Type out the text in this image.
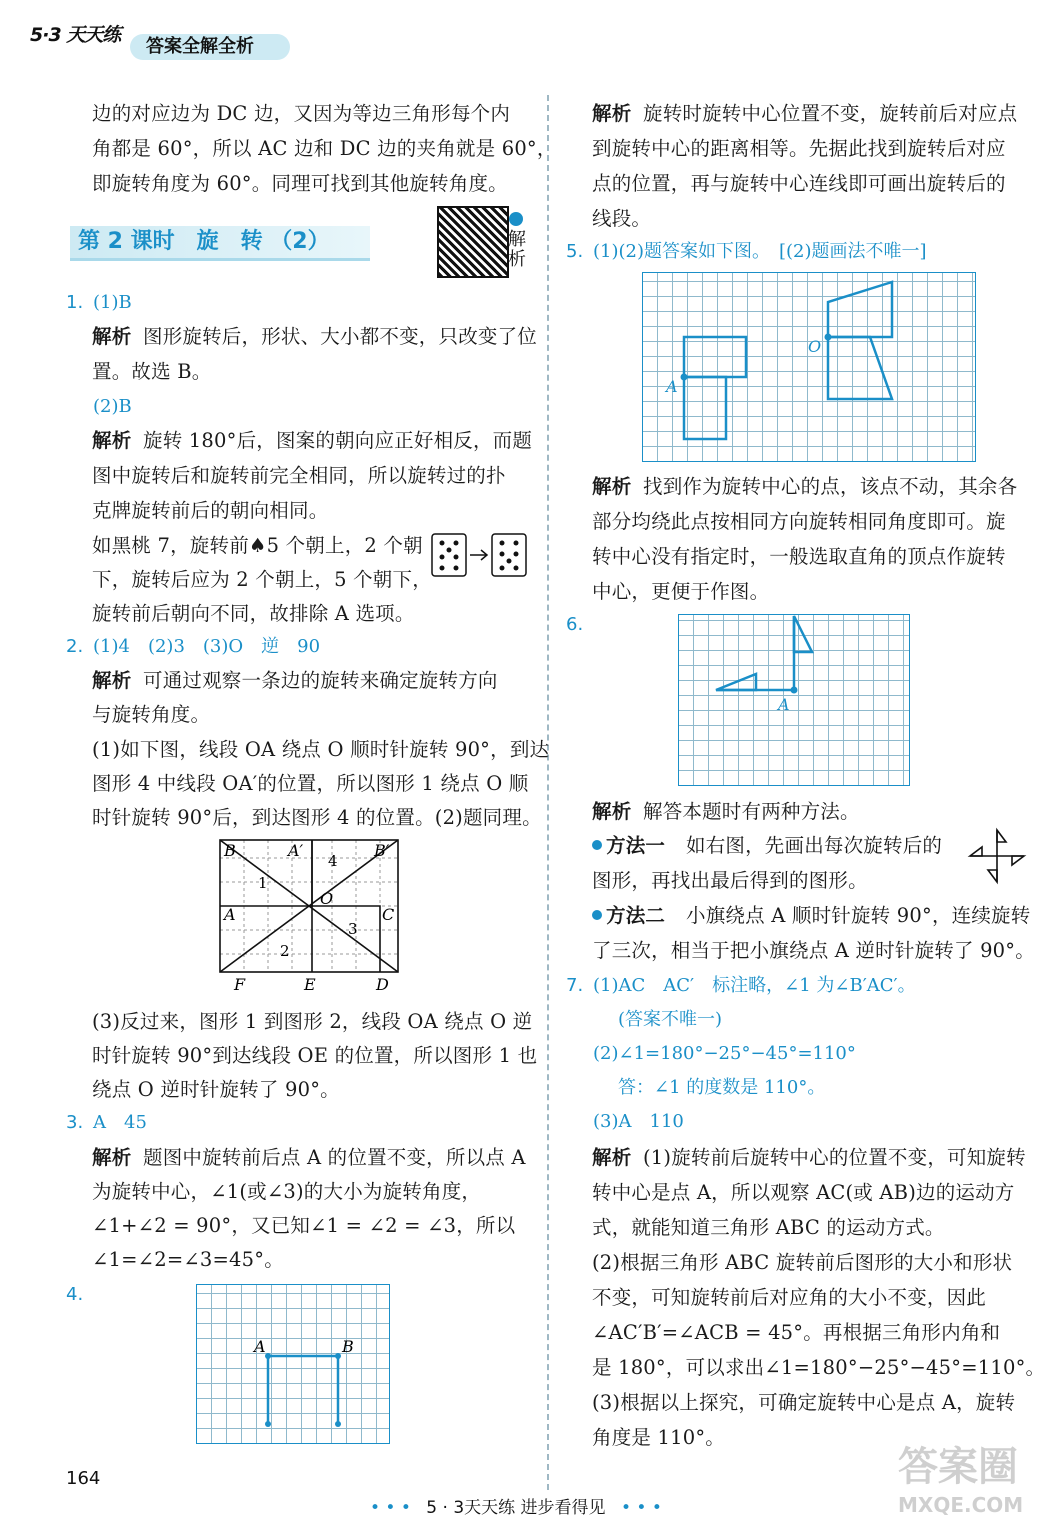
5·3 天天练
答案全解全析
边的对应边为 DC 边，又因为等边三角形每个内
角都是 60°，所以 AC 边和 DC 边的夹角就是 60°，
即旋转角度为 60°。同理可找到其他旋转角度。
第 2 课时　旋　转 （2）	解析
1. (1)B
解析 图形旋转后，形状、大小都不变，只改变了位
置。故选 B。
(2)B
解析 旋转 180°后，图案的朝向应正好相反，而题
图中旋转后和旋转前完全相同，所以旋转过的扑
克牌旋转前后的朝向相同。
如黑桃 7，旋转前♠5 个朝上，2 个朝
下，旋转后应为 2 个朝上，5 个朝下，
旋转前后朝向不同，故排除 A 选项。
2. (1)4　(2)3　(3)O　逆　90
解析 可通过观察一条边的旋转来确定旋转方向
与旋转角度。
(1)如下图，线段 OA 绕点 O 顺时针旋转 90°，到达
图形 4 中线段 OA′的位置，所以图形 1 绕点 O 顺
时针旋转 90°后，到达图形 4 的位置。(2)题同理。
B	A′	B′
4
1
O
A	C
3
2
F	E	D
(3)反过来，图形 1 到图形 2，线段 OA 绕点 O 逆
时针旋转 90°到达线段 OE 的位置，所以图形 1 也
绕点 O 逆时针旋转了 90°。
3. A　45
解析 题图中旋转前后点 A 的位置不变，所以点 A
为旋转中心，∠1(或∠3)的大小为旋转角度，
∠1+∠2 = 90°，又已知∠1 = ∠2 = ∠3，所以
∠1=∠2=∠3=45°。
4.
A	B
164
解析 旋转时旋转中心位置不变，旋转前后对应点
到旋转中心的距离相等。先据此找到旋转后对应
点的位置，再与旋转中心连线即可画出旋转后的
线段。
5. (1)(2)题答案如下图。　[(2)题画法不唯一]
A
O
解析 找到作为旋转中心的点，该点不动，其余各
部分均绕此点按相同方向旋转相同角度即可。旋
转中心没有指定时，一般选取直角的顶点作旋转
中心，更便于作图。
6.
A
解析 解答本题时有两种方法。
方法一 如右图，先画出每次旋转后的
图形，再找出最后得到的图形。
方法二 小旗绕点 A 顺时针旋转 90°，连续旋转
了三次，相当于把小旗绕点 A 逆时针旋转了 90°。
7. (1)AC　AC′　标注略，∠1 为∠B′AC′。
(答案不唯一)
(2)∠1=180°−25°−45°=110°
答：∠1 的度数是 110°。
(3)A　110
解析 (1)旋转前后旋转中心的位置不变，可知旋转
转中心是点 A，所以观察 AC(或 AB)边的运动方
式，就能知道三角形 ABC 的运动方式。
(2)根据三角形 ABC 旋转前后图形的大小和形状
不变，可知旋转前后对应角的大小不变，因此
∠AC′B′=∠ACB = 45°。再根据三角形内角和
是 180°，可以求出∠1=180°−25°−45°=110°。
(3)根据以上探究，可确定旋转中心是点 A，旋转
角度是 110°。
• • • 5 · 3天天练 进步看得见 • • •
答案圈
MXQE.COM
